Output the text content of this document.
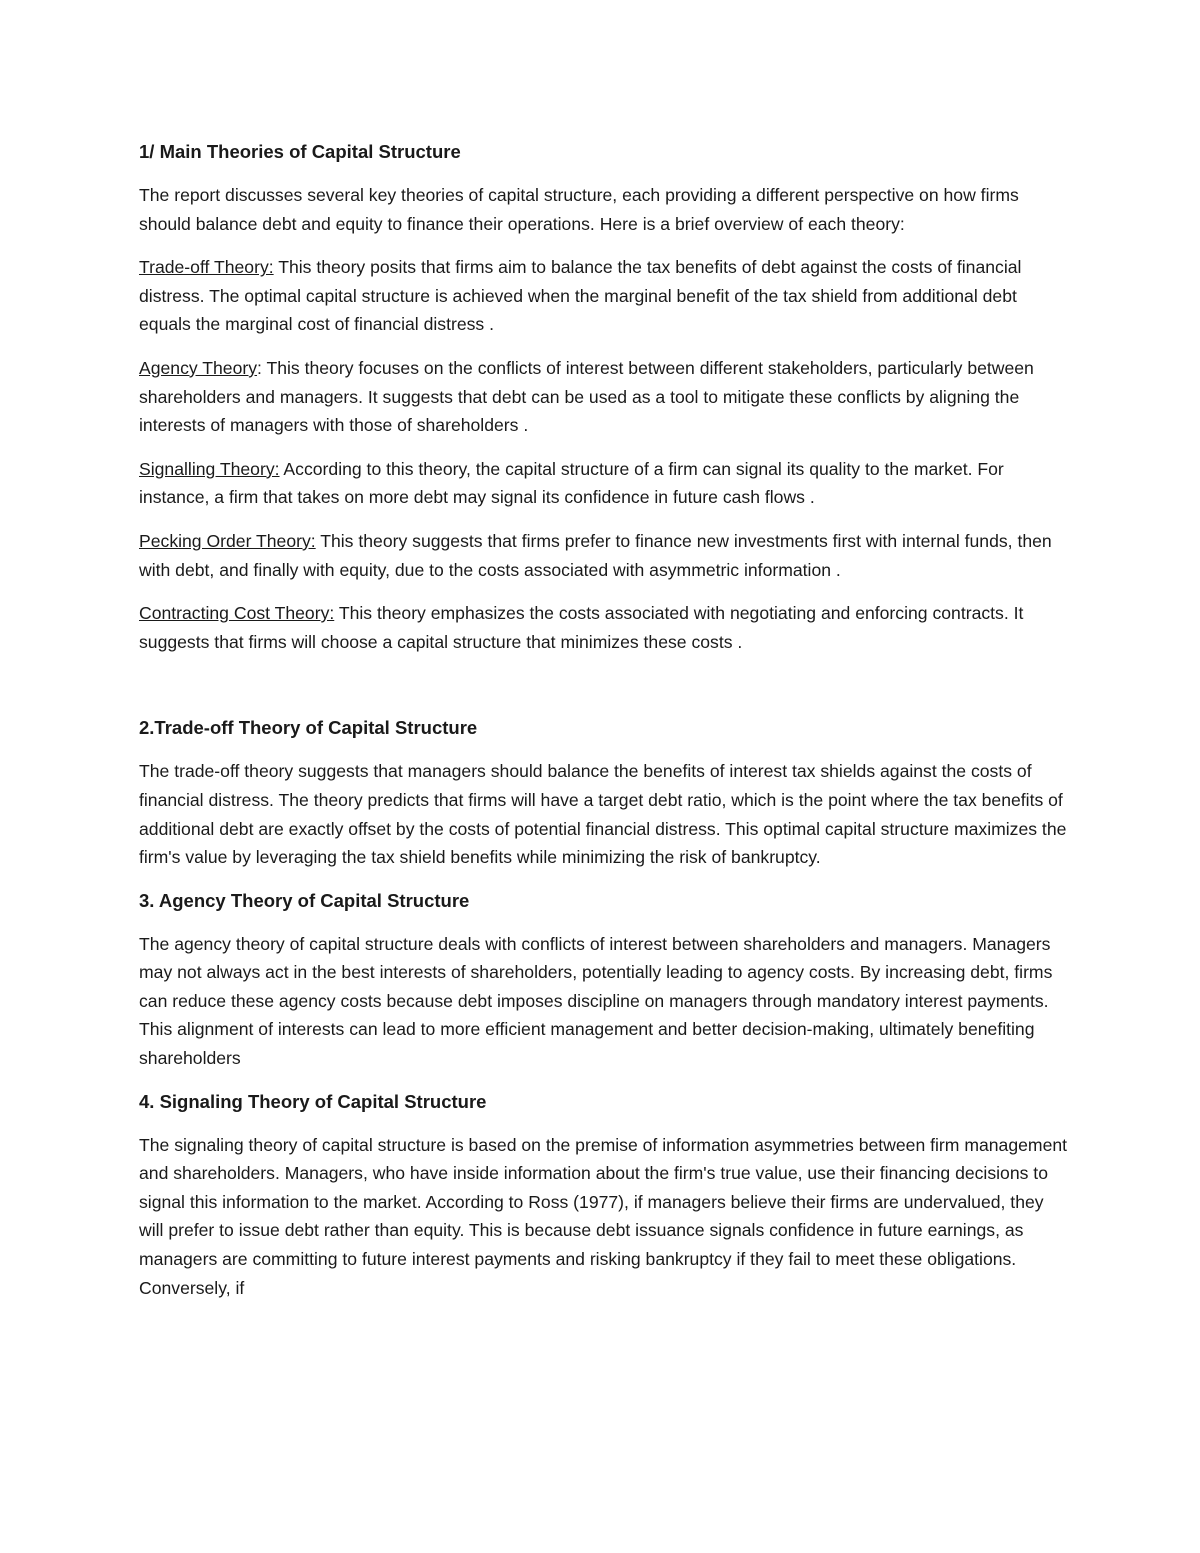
1/ Main Theories of Capital Structure

The report discusses several key theories of capital structure, each providing a different perspective on how firms should balance debt and equity to finance their operations. Here is a brief overview of each theory:

Trade-off Theory: This theory posits that firms aim to balance the tax benefits of debt against the costs of financial distress. The optimal capital structure is achieved when the marginal benefit of the tax shield from additional debt equals the marginal cost of financial distress .

Agency Theory: This theory focuses on the conflicts of interest between different stakeholders, particularly between shareholders and managers. It suggests that debt can be used as a tool to mitigate these conflicts by aligning the interests of managers with those of shareholders .

Signalling Theory: According to this theory, the capital structure of a firm can signal its quality to the market. For instance, a firm that takes on more debt may signal its confidence in future cash flows .

Pecking Order Theory: This theory suggests that firms prefer to finance new investments first with internal funds, then with debt, and finally with equity, due to the costs associated with asymmetric information .

Contracting Cost Theory: This theory emphasizes the costs associated with negotiating and enforcing contracts. It suggests that firms will choose a capital structure that minimizes these costs .

2.Trade-off Theory of Capital Structure

The trade-off theory suggests that managers should balance the benefits of interest tax shields against the costs of financial distress. The theory predicts that firms will have a target debt ratio, which is the point where the tax benefits of additional debt are exactly offset by the costs of potential financial distress. This optimal capital structure maximizes the firm's value by leveraging the tax shield benefits while minimizing the risk of bankruptcy.

3. Agency Theory of Capital Structure

The agency theory of capital structure deals with conflicts of interest between shareholders and managers. Managers may not always act in the best interests of shareholders, potentially leading to agency costs. By increasing debt, firms can reduce these agency costs because debt imposes discipline on managers through mandatory interest payments. This alignment of interests can lead to more efficient management and better decision-making, ultimately benefiting shareholders

4. Signaling Theory of Capital Structure

The signaling theory of capital structure is based on the premise of information asymmetries between firm management and shareholders. Managers, who have inside information about the firm's true value, use their financing decisions to signal this information to the market. According to Ross (1977), if managers believe their firms are undervalued, they will prefer to issue debt rather than equity. This is because debt issuance signals confidence in future earnings, as managers are committing to future interest payments and risking bankruptcy if they fail to meet these obligations. Conversely, if
